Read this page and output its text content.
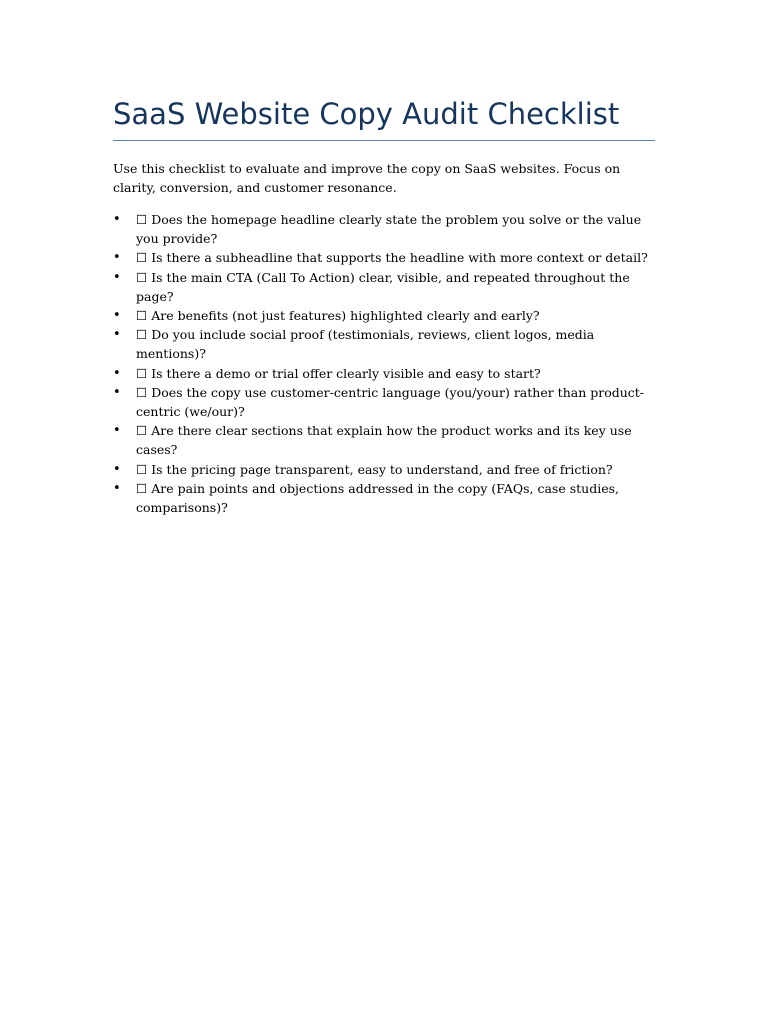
SaaS Website Copy Audit Checklist

Use this checklist to evaluate and improve the copy on SaaS websites. Focus on clarity, conversion, and customer resonance.

• ☐ Does the homepage headline clearly state the problem you solve or the value you provide?
• ☐ Is there a subheadline that supports the headline with more context or detail?
• ☐ Is the main CTA (Call To Action) clear, visible, and repeated throughout the page?
• ☐ Are benefits (not just features) highlighted clearly and early?
• ☐ Do you include social proof (testimonials, reviews, client logos, media mentions)?
• ☐ Is there a demo or trial offer clearly visible and easy to start?
• ☐ Does the copy use customer-centric language (you/your) rather than product-centric (we/our)?
• ☐ Are there clear sections that explain how the product works and its key use cases?
• ☐ Is the pricing page transparent, easy to understand, and free of friction?
• ☐ Are pain points and objections addressed in the copy (FAQs, case studies, comparisons)?
